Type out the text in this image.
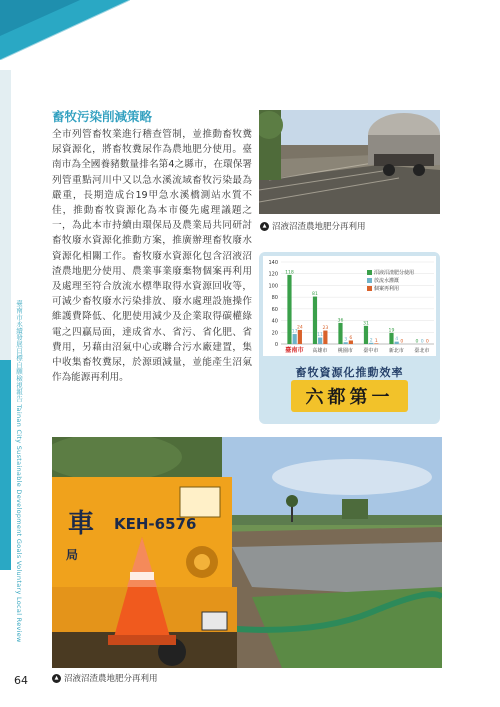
臺南市永續發展目標自願檢視報告 Tainan City Sustainable Development Goals Voluntary Local Review
畜牧污染削減策略
全市列管畜牧業進行稽查管制，並推動畜牧糞尿資源化，將畜牧糞尿作為農地肥分使用。臺南市為全國養豬數量排名第4之縣市，在環保署列管重點河川中又以急水溪流域畜牧污染最為嚴重，長期造成台19甲急水溪橋測站水質不佳，推動畜牧資源化為本市優先處理議題之一，為此本市持續由環保局及農業局共同研討畜牧廢水資源化推動方案，推廣辦理畜牧廢水資源化相關工作。畜牧廢水資源化包含沼液沼渣農地肥分使用、農業事業廢棄物個案再利用及處理至符合放流水標準取得水資源回收等，可減少畜牧廢水污染排放、廢水處理設施操作維護費降低、化肥使用減少及企業取得碳權綠電之四贏局面，達成省水、省污、省化肥、省費用，另藉由沼氣中心或聯合污水廠建置，集中收集畜牧糞尿，於源頭減量，並能產生沼氣作為能源再利用。
▲ 沼液沼渣農地肥分再利用
0
20
40
60
80
100
120
140
118
17
24
臺南市
81
11
23
高雄市
36
3 6
桃園市
31
2 1
臺中市
19
4 0
新北市
0 0 0
臺北市
沼液沼渣肥分使用
放流水灌溉
個案再利用
畜牧資源化推動效率
六都第一
車
局
KEH-6576
▲ 沼液沼渣農地肥分再利用
64
